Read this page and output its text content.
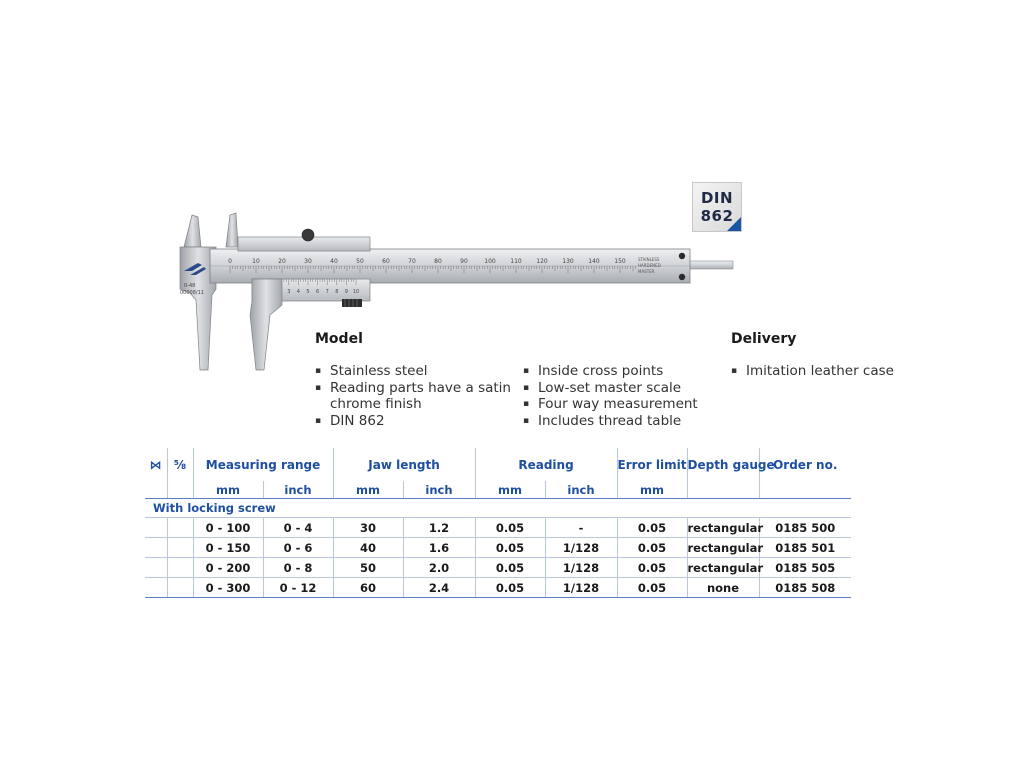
0	10	20	30	40	50	60	70	80	90	100 110 120 130 140 150
0-48
00008/11
STAINLESS
HARDENED
MASTER
3 4 5 6 7 8 9 10
DIN
862
Model
▪ Stainless steel
▪ Reading parts have a satin
chrome finish
▪ DIN 862
▪ Inside cross points
▪ Low-set master scale
▪ Four way measurement
▪ Includes thread table
Delivery
▪ Imitation leather case
⋈	⅝	Measuring range		Jaw length		Reading		Error limit	Depth gauge	Order no.
		mm	inch	mm	inch	mm	inch	mm		
With locking screw										
		0 - 100	0 - 4	30	1.2	0.05	-	0.05	rectangular	0185 500
		0 - 150	0 - 6	40	1.6	0.05	1/128	0.05	rectangular	0185 501
		0 - 200	0 - 8	50	2.0	0.05	1/128	0.05	rectangular	0185 505
		0 - 300	0 - 12	60	2.4	0.05	1/128	0.05	none	0185 508
